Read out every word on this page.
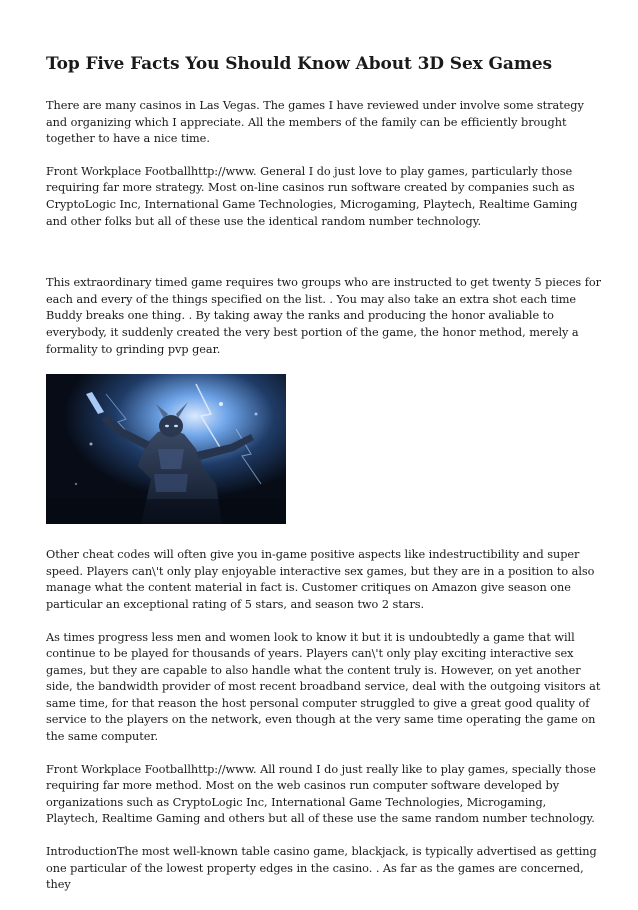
Top Five Facts You Should Know About 3D Sex Games

There are many casinos in Las Vegas. The games I have reviewed under involve some strategy and organizing which I appreciate. All the members of the family can be efficiently brought together to have a nice time.

Front Workplace Footballhttp://www. General I do just love to play games, particularly those requiring far more strategy. Most on-line casinos run software created by companies such as CryptoLogic Inc, International Game Technologies, Microgaming, Playtech, Realtime Gaming and other folks but all of these use the identical random number technology.

This extraordinary timed game requires two groups who are instructed to get twenty 5 pieces for each and every of the things specified on the list. . You may also take an extra shot each time Buddy breaks one thing. . By taking away the ranks and producing the honor avaliable to everybody, it suddenly created the very best portion of the game, the honor method, merely a formality to grinding pvp gear.

Other cheat codes will often give you in-game positive aspects like indestructibility and super speed. Players can\'t only play enjoyable interactive sex games, but they are in a position to also manage what the content material in fact is. Customer critiques on Amazon give season one particular an exceptional rating of 5 stars, and season two 2 stars.

As times progress less men and women look to know it but it is undoubtedly a game that will continue to be played for thousands of years. Players can\'t only play exciting interactive sex games, but they are capable to also handle what the content truly is. However, on yet another side, the bandwidth provider of most recent broadband service, deal with the outgoing visitors at same time, for that reason the host personal computer struggled to give a great good quality of service to the players on the network, even though at the very same time operating the game on the same computer.

Front Workplace Footballhttp://www. All round I do just really like to play games, specially those requiring far more method. Most on the web casinos run computer software developed by organizations such as CryptoLogic Inc, International Game Technologies, Microgaming, Playtech, Realtime Gaming and others but all of these use the same random number technology.

IntroductionThe most well-known table casino game, blackjack, is typically advertised as getting one particular of the lowest property edges in the casino. . As far as the games are concerned, they
